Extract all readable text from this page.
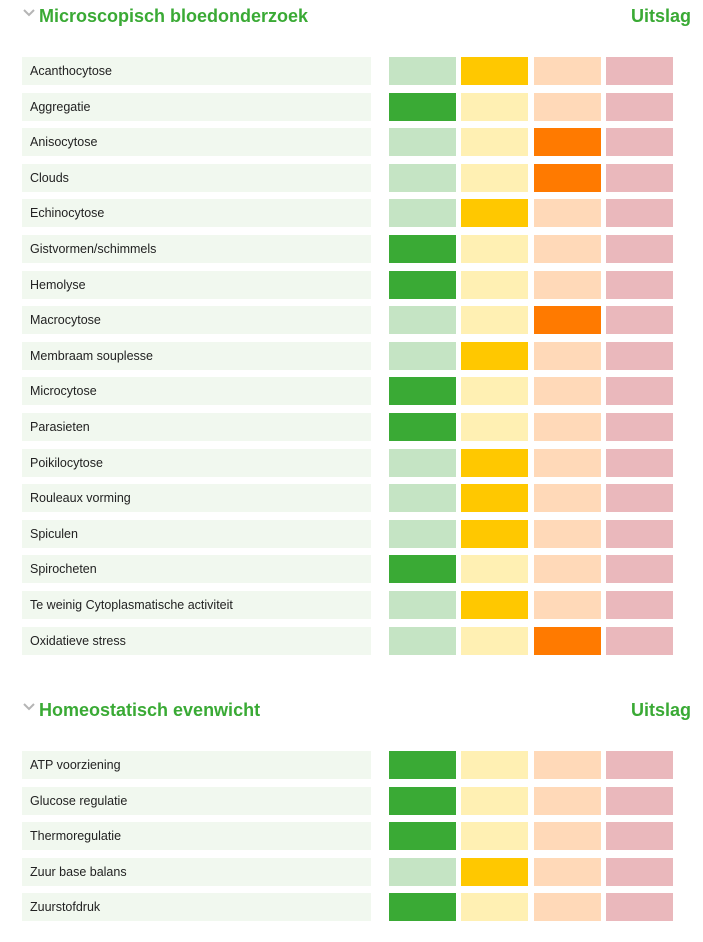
Microscopisch bloedonderzoek	Uitslag
Acanthocytose
Aggregatie
Anisocytose
Clouds
Echinocytose
Gistvormen/schimmels
Hemolyse
Macrocytose
Membraam souplesse
Microcytose
Parasieten
Poikilocytose
Rouleaux vorming
Spiculen
Spirocheten
Te weinig Cytoplasmatische activiteit
Oxidatieve stress
Homeostatisch evenwicht	Uitslag
ATP voorziening
Glucose regulatie
Thermoregulatie
Zuur base balans
Zuurstofdruk
